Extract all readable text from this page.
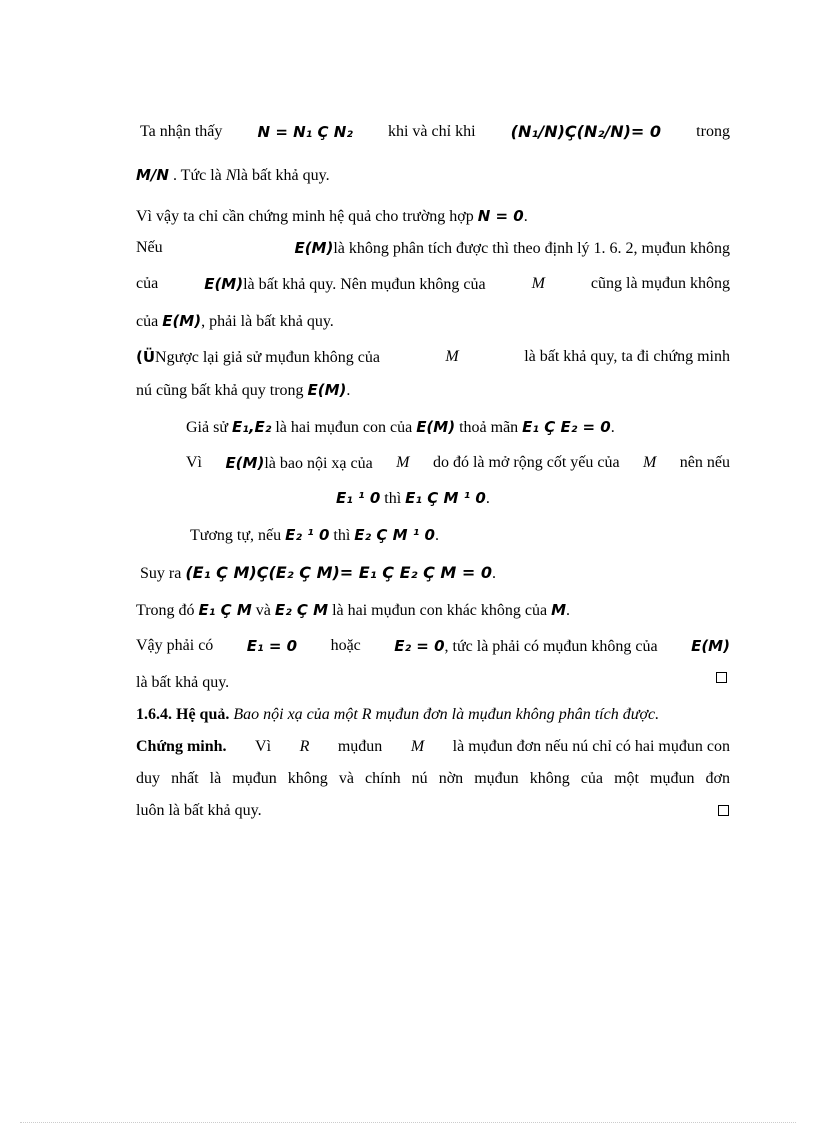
Ta nhận thấy N = N₁ Ç N₂ khi và chỉ khi (N₁/N)Ç(N₂/N)= 0 trong
M/N . Tức là Nlà bất khả quy.
Vì vậy ta chỉ cần chứng minh hệ quả cho trường hợp N = 0.
Nếu	E(M)là không phân tích được thì theo định lý 1. 6. 2, mụđun không
của	E(M)là bất khả quy. Nên mụđun không của	M	cũng là mụđun không
của E(M), phải là bất khả quy.
(ÜNgược lại giả sử mụđun không của	M	là bất khả quy, ta đi chứng minh
nú cũng bất khả quy trong E(M).
Giả sử E₁,E₂ là hai mụđun con của E(M) thoả mãn E₁ Ç E₂ = 0.
Vì E(M)là bao nội xạ của M do đó là mở rộng cốt yếu của M nên nếu
E₁ ¹ 0 thì E₁ Ç M ¹ 0.
Tương tự, nếu E₂ ¹ 0 thì E₂ Ç M ¹ 0.
Suy ra (E₁ Ç M)Ç(E₂ Ç M)= E₁ Ç E₂ Ç M = 0.
Trong đó E₁ Ç M và E₂ Ç M là hai mụđun con khác không của M.
Vậy phải có E₁ = 0 hoặc E₂ = 0, tức là phải có mụđun không của E(M)
là bất khả quy.
1.6.4. Hệ quả. Bao nội xạ của một R mụđun đơn là mụđun không phân tích được.
Chứng minh. Vì R mụđun M là mụđun đơn nếu nú chỉ có hai mụđun con
duy nhất là mụđun không và chính nú nờn mụđun không của một mụđun đơn
luôn là bất khả quy.
